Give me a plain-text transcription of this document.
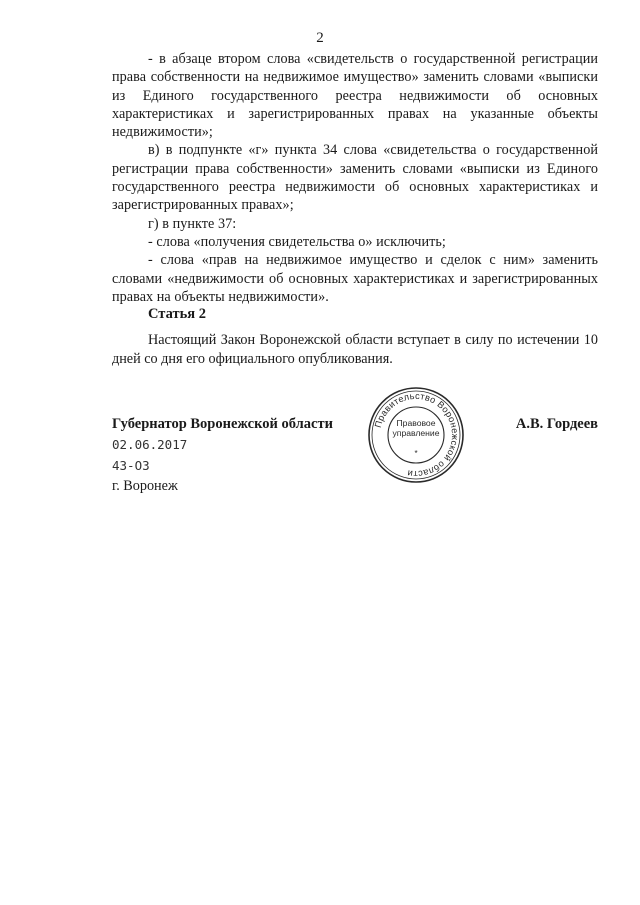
2

- в абзаце втором слова «свидетельств о государственной регистрации права собственности на недвижимое имущество» заменить словами «выписки из Единого государственного реестра недвижимости об основных характеристиках и зарегистрированных правах на указанные объекты недвижимости»;

в) в подпункте «г» пункта 34 слова «свидетельства о государственной регистрации права собственности» заменить словами «выписки из Единого государственного реестра недвижимости об основных характеристиках и зарегистрированных правах»;

г) в пункте 37:

- слова «получения свидетельства о» исключить;

- слова «прав на недвижимое имущество и сделок с ним» заменить словами «недвижимости об основных характеристиках и зарегистрированных правах на объекты недвижимости».

Статья 2

Настоящий Закон Воронежской области вступает в силу по истечении 10 дней со дня его официального опубликования.

Губернатор Воронежской области	Правительство Воронежской области
*
Правовое
управление
А.В. Гордеев
02.06.2017
43-ОЗ
г. Воронеж
